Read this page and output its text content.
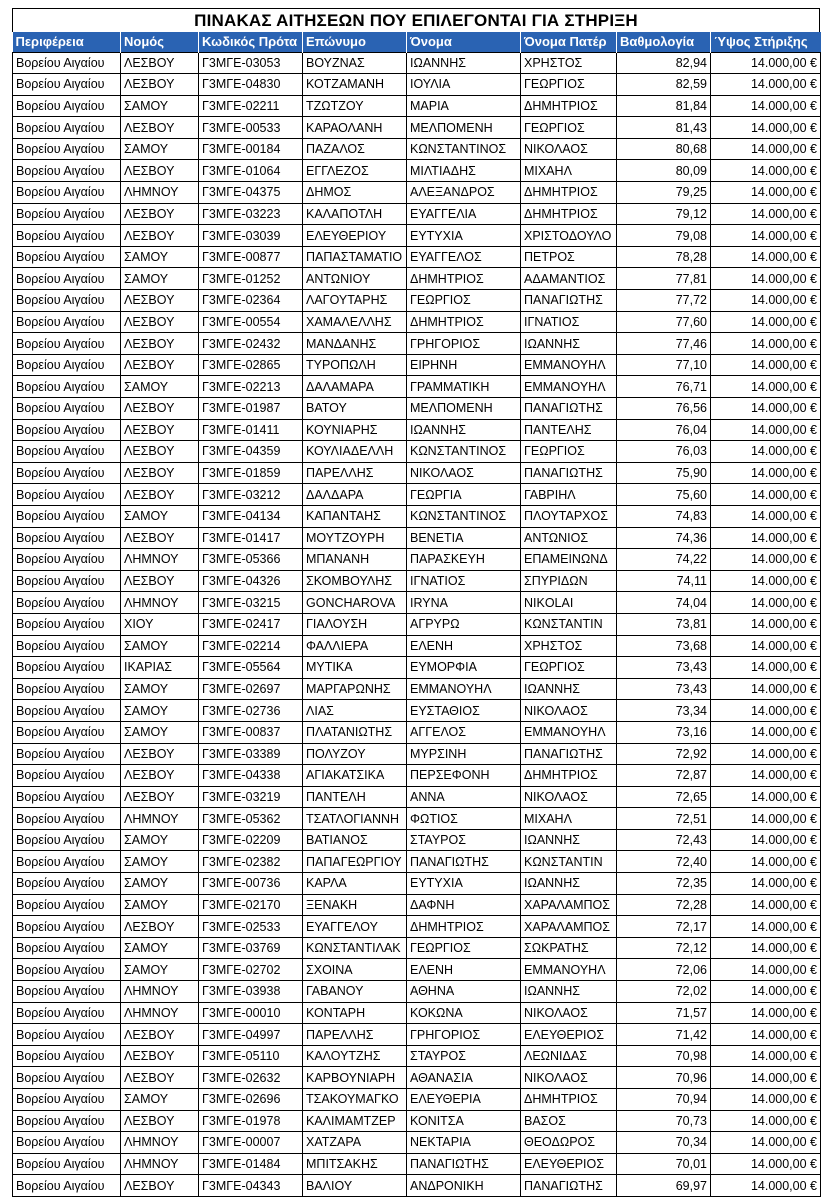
ΠΙΝΑΚΑΣ ΑΙΤΗΣΕΩΝ ΠΟΥ ΕΠΙΛΕΓΟΝΤΑΙ ΓΙΑ ΣΤΗΡΙΞΗ
Περιφέρεια	Νομός	Κωδικός Πρότα	Επώνυμο	Όνομα	Όνομα Πατέρ	Βαθμολογία	Ύψος Στήριξης
Βορείου Αιγαίου	ΛΕΣΒΟΥ	Γ3ΜΓΕ-03053	ΒΟΥΖΝΑΣ	ΙΩΑΝΝΗΣ	ΧΡΗΣΤΟΣ	82,94	14.000,00 €
Βορείου Αιγαίου	ΛΕΣΒΟΥ	Γ3ΜΓΕ-04830	ΚΟΤΖΑΜΑΝΗ	ΙΟΥΛΙΑ	ΓΕΩΡΓΙΟΣ	82,59	14.000,00 €
Βορείου Αιγαίου	ΣΑΜΟΥ	Γ3ΜΓΕ-02211	ΤΖΩΤΖΟΥ	ΜΑΡΙΑ	ΔΗΜΗΤΡΙΟΣ	81,84	14.000,00 €
Βορείου Αιγαίου	ΛΕΣΒΟΥ	Γ3ΜΓΕ-00533	ΚΑΡΑΟΛΑΝΗ	ΜΕΛΠΟΜΕΝΗ	ΓΕΩΡΓΙΟΣ	81,43	14.000,00 €
Βορείου Αιγαίου	ΣΑΜΟΥ	Γ3ΜΓΕ-00184	ΠΑΖΑΛΟΣ	ΚΩΝΣΤΑΝΤΙΝΟΣ	ΝΙΚΟΛΑΟΣ	80,68	14.000,00 €
Βορείου Αιγαίου	ΛΕΣΒΟΥ	Γ3ΜΓΕ-01064	ΕΓΓΛΕΖΟΣ	ΜΙΛΤΙΑΔΗΣ	ΜΙΧΑΗΛ	80,09	14.000,00 €
Βορείου Αιγαίου	ΛΗΜΝΟΥ	Γ3ΜΓΕ-04375	ΔΗΜΟΣ	ΑΛΕΞΑΝΔΡΟΣ	ΔΗΜΗΤΡΙΟΣ	79,25	14.000,00 €
Βορείου Αιγαίου	ΛΕΣΒΟΥ	Γ3ΜΓΕ-03223	ΚΑΛΑΠΟΤΛΗ	ΕΥΑΓΓΕΛΙΑ	ΔΗΜΗΤΡΙΟΣ	79,12	14.000,00 €
Βορείου Αιγαίου	ΛΕΣΒΟΥ	Γ3ΜΓΕ-03039	ΕΛΕΥΘΕΡΙΟΥ	ΕΥΤΥΧΙΑ	ΧΡΙΣΤΟΔΟΥΛΟ	79,08	14.000,00 €
Βορείου Αιγαίου	ΣΑΜΟΥ	Γ3ΜΓΕ-00877	ΠΑΠΑΣΤΑΜΑΤΙΟ	ΕΥΑΓΓΕΛΟΣ	ΠΕΤΡΟΣ	78,28	14.000,00 €
Βορείου Αιγαίου	ΣΑΜΟΥ	Γ3ΜΓΕ-01252	ΑΝΤΩΝΙΟΥ	ΔΗΜΗΤΡΙΟΣ	ΑΔΑΜΑΝΤΙΟΣ	77,81	14.000,00 €
Βορείου Αιγαίου	ΛΕΣΒΟΥ	Γ3ΜΓΕ-02364	ΛΑΓΟΥΤΑΡΗΣ	ΓΕΩΡΓΙΟΣ	ΠΑΝΑΓΙΩΤΗΣ	77,72	14.000,00 €
Βορείου Αιγαίου	ΛΕΣΒΟΥ	Γ3ΜΓΕ-00554	ΧΑΜΑΛΕΛΛΗΣ	ΔΗΜΗΤΡΙΟΣ	ΙΓΝΑΤΙΟΣ	77,60	14.000,00 €
Βορείου Αιγαίου	ΛΕΣΒΟΥ	Γ3ΜΓΕ-02432	ΜΑΝΔΑΝΗΣ	ΓΡΗΓΟΡΙΟΣ	ΙΩΑΝΝΗΣ	77,46	14.000,00 €
Βορείου Αιγαίου	ΛΕΣΒΟΥ	Γ3ΜΓΕ-02865	ΤΥΡΟΠΩΛΗ	ΕΙΡΗΝΗ	ΕΜΜΑΝΟΥΗΛ	77,10	14.000,00 €
Βορείου Αιγαίου	ΣΑΜΟΥ	Γ3ΜΓΕ-02213	ΔΑΛΑΜΑΡΑ	ΓΡΑΜΜΑΤΙΚΗ	ΕΜΜΑΝΟΥΗΛ	76,71	14.000,00 €
Βορείου Αιγαίου	ΛΕΣΒΟΥ	Γ3ΜΓΕ-01987	ΒΑΤΟΥ	ΜΕΛΠΟΜΕΝΗ	ΠΑΝΑΓΙΩΤΗΣ	76,56	14.000,00 €
Βορείου Αιγαίου	ΛΕΣΒΟΥ	Γ3ΜΓΕ-01411	ΚΟΥΝΙΑΡΗΣ	ΙΩΑΝΝΗΣ	ΠΑΝΤΕΛΗΣ	76,04	14.000,00 €
Βορείου Αιγαίου	ΛΕΣΒΟΥ	Γ3ΜΓΕ-04359	ΚΟΥΛΙΑΔΕΛΛΗ	ΚΩΝΣΤΑΝΤΙΝΟΣ	ΓΕΩΡΓΙΟΣ	76,03	14.000,00 €
Βορείου Αιγαίου	ΛΕΣΒΟΥ	Γ3ΜΓΕ-01859	ΠΑΡΕΛΛΗΣ	ΝΙΚΟΛΑΟΣ	ΠΑΝΑΓΙΩΤΗΣ	75,90	14.000,00 €
Βορείου Αιγαίου	ΛΕΣΒΟΥ	Γ3ΜΓΕ-03212	ΔΑΛΔΑΡΑ	ΓΕΩΡΓΙΑ	ΓΑΒΡΙΗΛ	75,60	14.000,00 €
Βορείου Αιγαίου	ΣΑΜΟΥ	Γ3ΜΓΕ-04134	ΚΑΠΑΝΤΑΗΣ	ΚΩΝΣΤΑΝΤΙΝΟΣ	ΠΛΟΥΤΑΡΧΟΣ	74,83	14.000,00 €
Βορείου Αιγαίου	ΛΕΣΒΟΥ	Γ3ΜΓΕ-01417	ΜΟΥΤΖΟΥΡΗ	ΒΕΝΕΤΙΑ	ΑΝΤΩΝΙΟΣ	74,36	14.000,00 €
Βορείου Αιγαίου	ΛΗΜΝΟΥ	Γ3ΜΓΕ-05366	ΜΠΑΝΑΝΗ	ΠΑΡΑΣΚΕΥΗ	ΕΠΑΜΕΙΝΩΝΔ	74,22	14.000,00 €
Βορείου Αιγαίου	ΛΕΣΒΟΥ	Γ3ΜΓΕ-04326	ΣΚΟΜΒΟΥΛΗΣ	ΙΓΝΑΤΙΟΣ	ΣΠΥΡΙΔΩΝ	74,11	14.000,00 €
Βορείου Αιγαίου	ΛΗΜΝΟΥ	Γ3ΜΓΕ-03215	GONCHAROVA	IRYNA	NIKOLAI	74,04	14.000,00 €
Βορείου Αιγαίου	ΧΙΟΥ	Γ3ΜΓΕ-02417	ΓΙΑΛΟΥΣΗ	ΑΓΡΥΡΩ	ΚΩΝΣΤΑΝΤΙΝ	73,81	14.000,00 €
Βορείου Αιγαίου	ΣΑΜΟΥ	Γ3ΜΓΕ-02214	ΦΑΛΛΙΕΡΑ	ΕΛΕΝΗ	ΧΡΗΣΤΟΣ	73,68	14.000,00 €
Βορείου Αιγαίου	ΙΚΑΡΙΑΣ	Γ3ΜΓΕ-05564	ΜΥΤΙΚΑ	ΕΥΜΟΡΦΙΑ	ΓΕΩΡΓΙΟΣ	73,43	14.000,00 €
Βορείου Αιγαίου	ΣΑΜΟΥ	Γ3ΜΓΕ-02697	ΜΑΡΓΑΡΩΝΗΣ	ΕΜΜΑΝΟΥΗΛ	ΙΩΑΝΝΗΣ	73,43	14.000,00 €
Βορείου Αιγαίου	ΣΑΜΟΥ	Γ3ΜΓΕ-02736	ΛΙΑΣ	ΕΥΣΤΑΘΙΟΣ	ΝΙΚΟΛΑΟΣ	73,34	14.000,00 €
Βορείου Αιγαίου	ΣΑΜΟΥ	Γ3ΜΓΕ-00837	ΠΛΑΤΑΝΙΩΤΗΣ	ΑΓΓΕΛΟΣ	ΕΜΜΑΝΟΥΗΛ	73,16	14.000,00 €
Βορείου Αιγαίου	ΛΕΣΒΟΥ	Γ3ΜΓΕ-03389	ΠΟΛΥΖΟΥ	ΜΥΡΣΙΝΗ	ΠΑΝΑΓΙΩΤΗΣ	72,92	14.000,00 €
Βορείου Αιγαίου	ΛΕΣΒΟΥ	Γ3ΜΓΕ-04338	ΑΓΙΑΚΑΤΣΙΚΑ	ΠΕΡΣΕΦΟΝΗ	ΔΗΜΗΤΡΙΟΣ	72,87	14.000,00 €
Βορείου Αιγαίου	ΛΕΣΒΟΥ	Γ3ΜΓΕ-03219	ΠΑΝΤΕΛΗ	ΑΝΝΑ	ΝΙΚΟΛΑΟΣ	72,65	14.000,00 €
Βορείου Αιγαίου	ΛΗΜΝΟΥ	Γ3ΜΓΕ-05362	ΤΣΑΤΛΟΓΙΑΝΝΗ	ΦΩΤΙΟΣ	ΜΙΧΑΗΛ	72,51	14.000,00 €
Βορείου Αιγαίου	ΣΑΜΟΥ	Γ3ΜΓΕ-02209	ΒΑΤΙΑΝΟΣ	ΣΤΑΥΡΟΣ	ΙΩΑΝΝΗΣ	72,43	14.000,00 €
Βορείου Αιγαίου	ΣΑΜΟΥ	Γ3ΜΓΕ-02382	ΠΑΠΑΓΕΩΡΓΙΟΥ	ΠΑΝΑΓΙΩΤΗΣ	ΚΩΝΣΤΑΝΤΙΝ	72,40	14.000,00 €
Βορείου Αιγαίου	ΣΑΜΟΥ	Γ3ΜΓΕ-00736	ΚΑΡΛΑ	ΕΥΤΥΧΙΑ	ΙΩΑΝΝΗΣ	72,35	14.000,00 €
Βορείου Αιγαίου	ΣΑΜΟΥ	Γ3ΜΓΕ-02170	ΞΕΝΑΚΗ	ΔΑΦΝΗ	ΧΑΡΑΛΑΜΠΟΣ	72,28	14.000,00 €
Βορείου Αιγαίου	ΛΕΣΒΟΥ	Γ3ΜΓΕ-02533	ΕΥΑΓΓΕΛΟΥ	ΔΗΜΗΤΡΙΟΣ	ΧΑΡΑΛΑΜΠΟΣ	72,17	14.000,00 €
Βορείου Αιγαίου	ΣΑΜΟΥ	Γ3ΜΓΕ-03769	ΚΩΝΣΤΑΝΤΙΛΑΚ	ΓΕΩΡΓΙΟΣ	ΣΩΚΡΑΤΗΣ	72,12	14.000,00 €
Βορείου Αιγαίου	ΣΑΜΟΥ	Γ3ΜΓΕ-02702	ΣΧΟΙΝΑ	ΕΛΕΝΗ	ΕΜΜΑΝΟΥΗΛ	72,06	14.000,00 €
Βορείου Αιγαίου	ΛΗΜΝΟΥ	Γ3ΜΓΕ-03938	ΓΑΒΑΝΟΥ	ΑΘΗΝΑ	ΙΩΑΝΝΗΣ	72,02	14.000,00 €
Βορείου Αιγαίου	ΛΗΜΝΟΥ	Γ3ΜΓΕ-00010	ΚΟΝΤΑΡΗ	ΚΟΚΩΝΑ	ΝΙΚΟΛΑΟΣ	71,57	14.000,00 €
Βορείου Αιγαίου	ΛΕΣΒΟΥ	Γ3ΜΓΕ-04997	ΠΑΡΕΛΛΗΣ	ΓΡΗΓΟΡΙΟΣ	ΕΛΕΥΘΕΡΙΟΣ	71,42	14.000,00 €
Βορείου Αιγαίου	ΛΕΣΒΟΥ	Γ3ΜΓΕ-05110	ΚΑΛΟΥΤΖΗΣ	ΣΤΑΥΡΟΣ	ΛΕΩΝΙΔΑΣ	70,98	14.000,00 €
Βορείου Αιγαίου	ΛΕΣΒΟΥ	Γ3ΜΓΕ-02632	ΚΑΡΒΟΥΝΙΑΡΗ	ΑΘΑΝΑΣΙΑ	ΝΙΚΟΛΑΟΣ	70,96	14.000,00 €
Βορείου Αιγαίου	ΣΑΜΟΥ	Γ3ΜΓΕ-02696	ΤΣΑΚΟΥΜΑΓΚΟ	ΕΛΕΥΘΕΡΙΑ	ΔΗΜΗΤΡΙΟΣ	70,94	14.000,00 €
Βορείου Αιγαίου	ΛΕΣΒΟΥ	Γ3ΜΓΕ-01978	ΚΑΛΙΜΑΜΤΖΕΡ	ΚΟΝΙΤΣΑ	ΒΑΣΟΣ	70,73	14.000,00 €
Βορείου Αιγαίου	ΛΗΜΝΟΥ	Γ3ΜΓΕ-00007	ΧΑΤΖΑΡΑ	ΝΕΚΤΑΡΙΑ	ΘΕΟΔΩΡΟΣ	70,34	14.000,00 €
Βορείου Αιγαίου	ΛΗΜΝΟΥ	Γ3ΜΓΕ-01484	ΜΠΙΤΣΑΚΗΣ	ΠΑΝΑΓΙΩΤΗΣ	ΕΛΕΥΘΕΡΙΟΣ	70,01	14.000,00 €
Βορείου Αιγαίου	ΛΕΣΒΟΥ	Γ3ΜΓΕ-04343	ΒΑΛΙΟΥ	ΑΝΔΡΟΝΙΚΗ	ΠΑΝΑΓΙΩΤΗΣ	69,97	14.000,00 €
